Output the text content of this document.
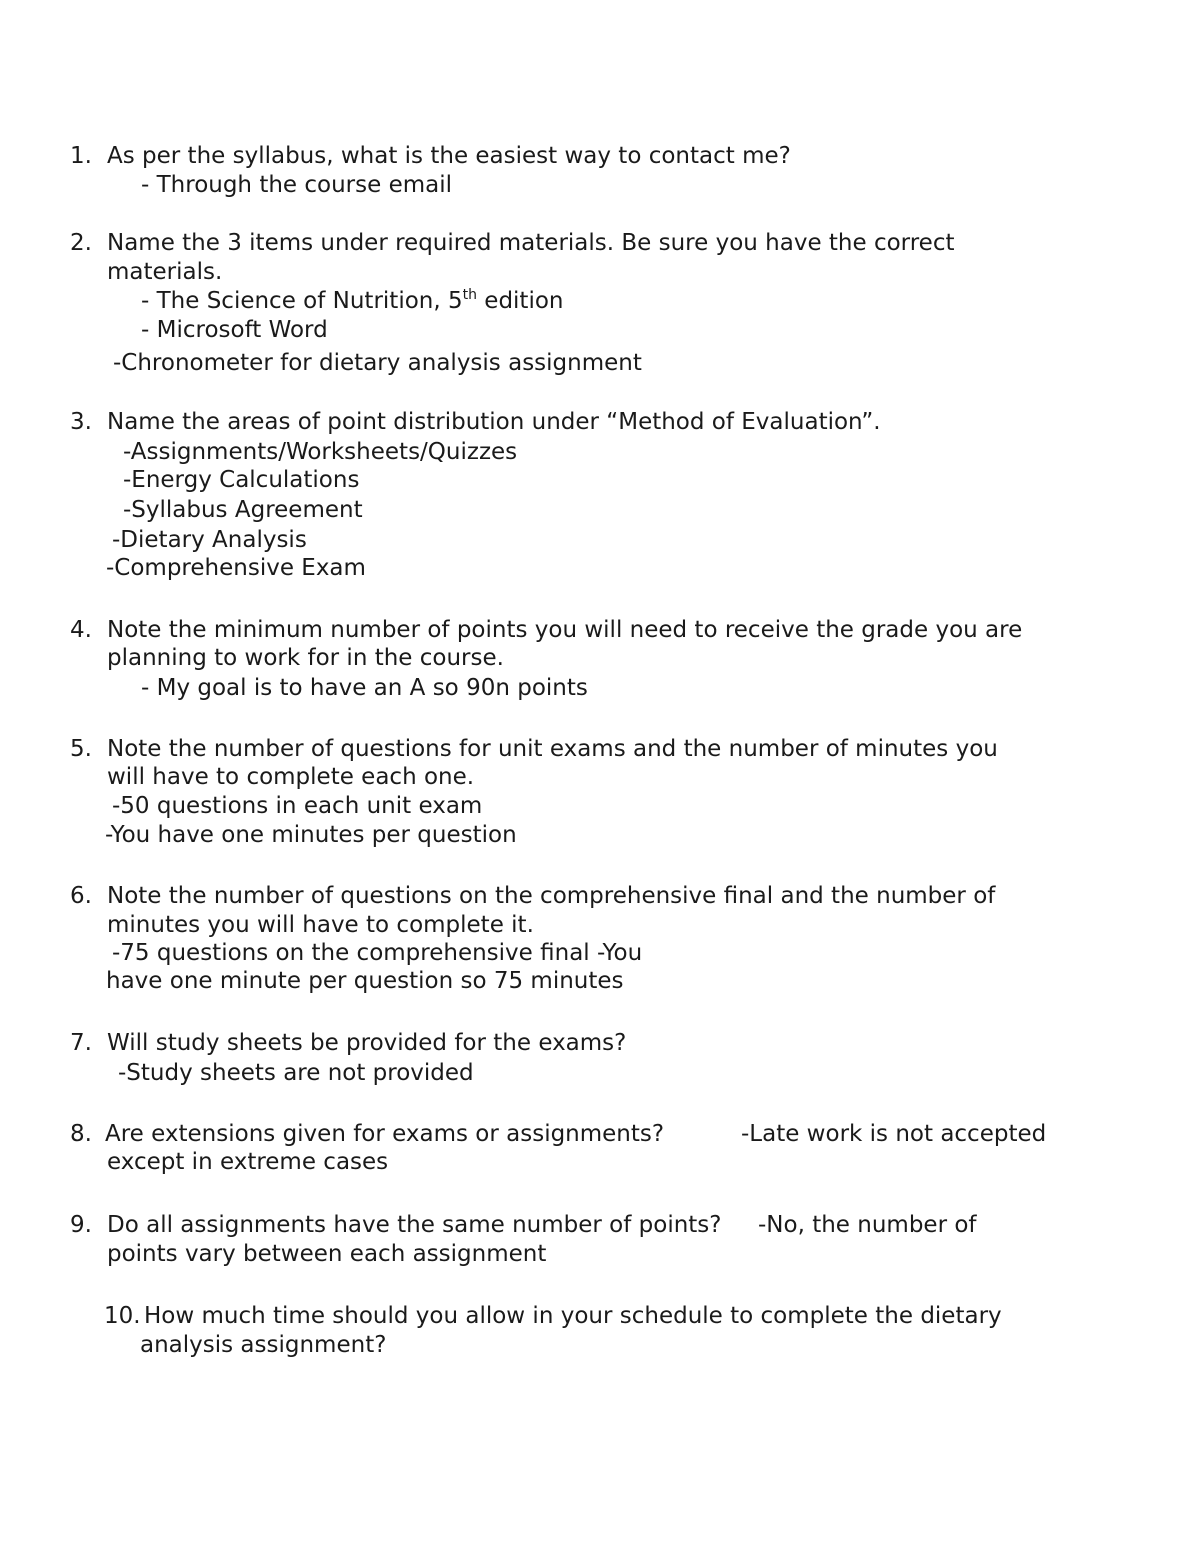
1. As per the syllabus, what is the easiest way to contact me?
- Through the course email
2. Name the 3 items under required materials. Be sure you have the correct
materials.
- The Science of Nutrition, 5th edition
- Microsoft Word
-Chronometer for dietary analysis assignment
3. Name the areas of point distribution under “Method of Evaluation”.
-Assignments/Worksheets/Quizzes
-Energy Calculations
-Syllabus Agreement
-Dietary Analysis
-Comprehensive Exam
4. Note the minimum number of points you will need to receive the grade you are
planning to work for in the course.
- My goal is to have an A so 90n points
5. Note the number of questions for unit exams and the number of minutes you
will have to complete each one.
-50 questions in each unit exam
-You have one minutes per question
6. Note the number of questions on the comprehensive final and the number of
minutes you will have to complete it.
-75 questions on the comprehensive final -You
have one minute per question so 75 minutes
7. Will study sheets be provided for the exams?
-Study sheets are not provided
8. Are extensions given for exams or assignments?	-Late work is not accepted
except in extreme cases
9. Do all assignments have the same number of points? -No, the number of
points vary between each assignment
10. How much time should you allow in your schedule to complete the dietary
analysis assignment?
